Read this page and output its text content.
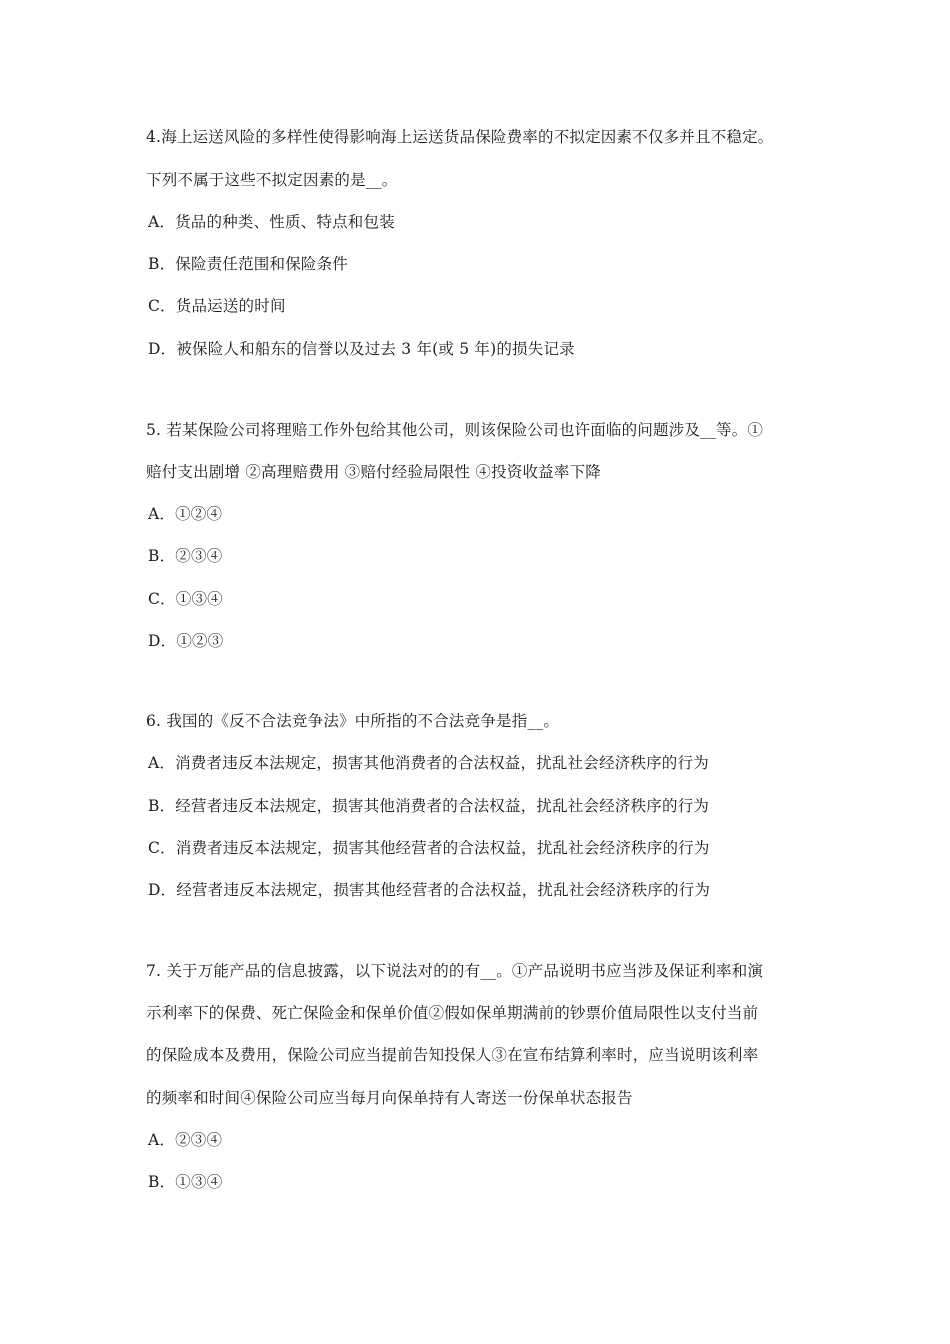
4.海上运送风险的多样性使得影响海上运送货品保险费率的不拟定因素不仅多并且不稳定。
下列不属于这些不拟定因素的是__。
A．货品的种类、性质、特点和包装
B．保险责任范围和保险条件
C．货品运送的时间
D．被保险人和船东的信誉以及过去 3 年(或 5 年)的损失记录
5. 若某保险公司将理赔工作外包给其他公司，则该保险公司也许面临的问题涉及__等。①
赔付支出剧增 ②高理赔费用 ③赔付经验局限性 ④投资收益率下降
A．①②④
B．②③④
C．①③④
D．①②③
6. 我国的《反不合法竞争法》中所指的不合法竞争是指__。
A．消费者违反本法规定，损害其他消费者的合法权益，扰乱社会经济秩序的行为
B．经营者违反本法规定，损害其他消费者的合法权益，扰乱社会经济秩序的行为
C．消费者违反本法规定，损害其他经营者的合法权益，扰乱社会经济秩序的行为
D．经营者违反本法规定，损害其他经营者的合法权益，扰乱社会经济秩序的行为
7. 关于万能产品的信息披露，以下说法对的的有__。①产品说明书应当涉及保证利率和演
示利率下的保费、死亡保险金和保单价值②假如保单期满前的钞票价值局限性以支付当前
的保险成本及费用，保险公司应当提前告知投保人③在宣布结算利率时，应当说明该利率
的频率和时间④保险公司应当每月向保单持有人寄送一份保单状态报告
A．②③④
B．①③④
